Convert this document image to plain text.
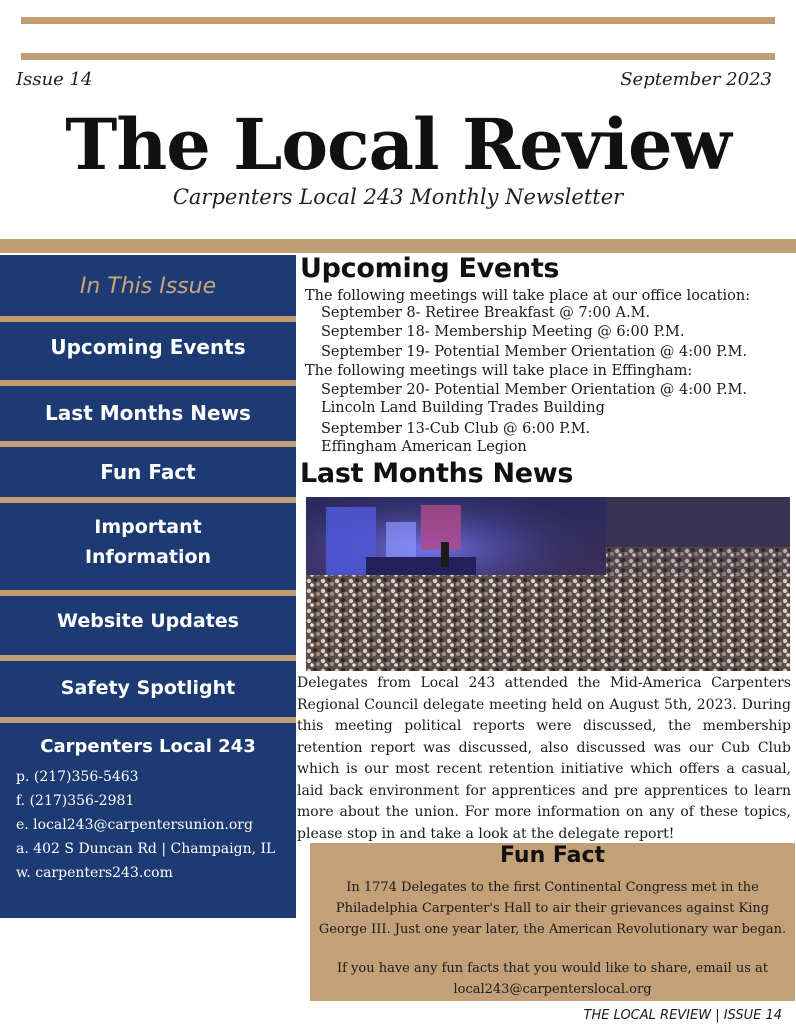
Issue 14	September 2023
The Local Review
Carpenters Local 243 Monthly Newsletter
In This Issue
Upcoming Events
Last Months News
Fun Fact
Important
Information
Website Updates
Safety Spotlight
Carpenters Local 243
p. (217)356-5463
f. (217)356-2981
e. local243@carpentersunion.org
a. 402 S Duncan Rd | Champaign, IL
w. carpenters243.com
Upcoming Events
The following meetings will take place at our office location:
September 8- Retiree Breakfast @ 7:00 A.M.
September 18- Membership Meeting @ 6:00 P.M.
September 19- Potential Member Orientation @ 4:00 P.M.
The following meetings will take place in Effingham:
September 20- Potential Member Orientation @ 4:00 P.M.
Lincoln Land Building Trades Building
September 13-Cub Club @ 6:00 P.M.
Effingham American Legion
Last Months News
Delegates from Local 243 attended the Mid-America Carpenters Regional Council delegate meeting held on August 5th, 2023. During this meeting political reports were discussed, the membership retention report was discussed, also discussed was our Cub Club which is our most recent retention initiative which offers a casual, laid back environment for apprentices and pre apprentices to learn more about the union. For more information on any of these topics, please stop in and take a look at the delegate report!
Fun Fact
In 1774 Delegates to the first Continental Congress met in the Philadelphia Carpenter's Hall to air their grievances against King George III. Just one year later, the American Revolutionary war began.
If you have any fun facts that you would like to share, email us at local243@carpenterslocal.org
THE LOCAL REVIEW | ISSUE 14
